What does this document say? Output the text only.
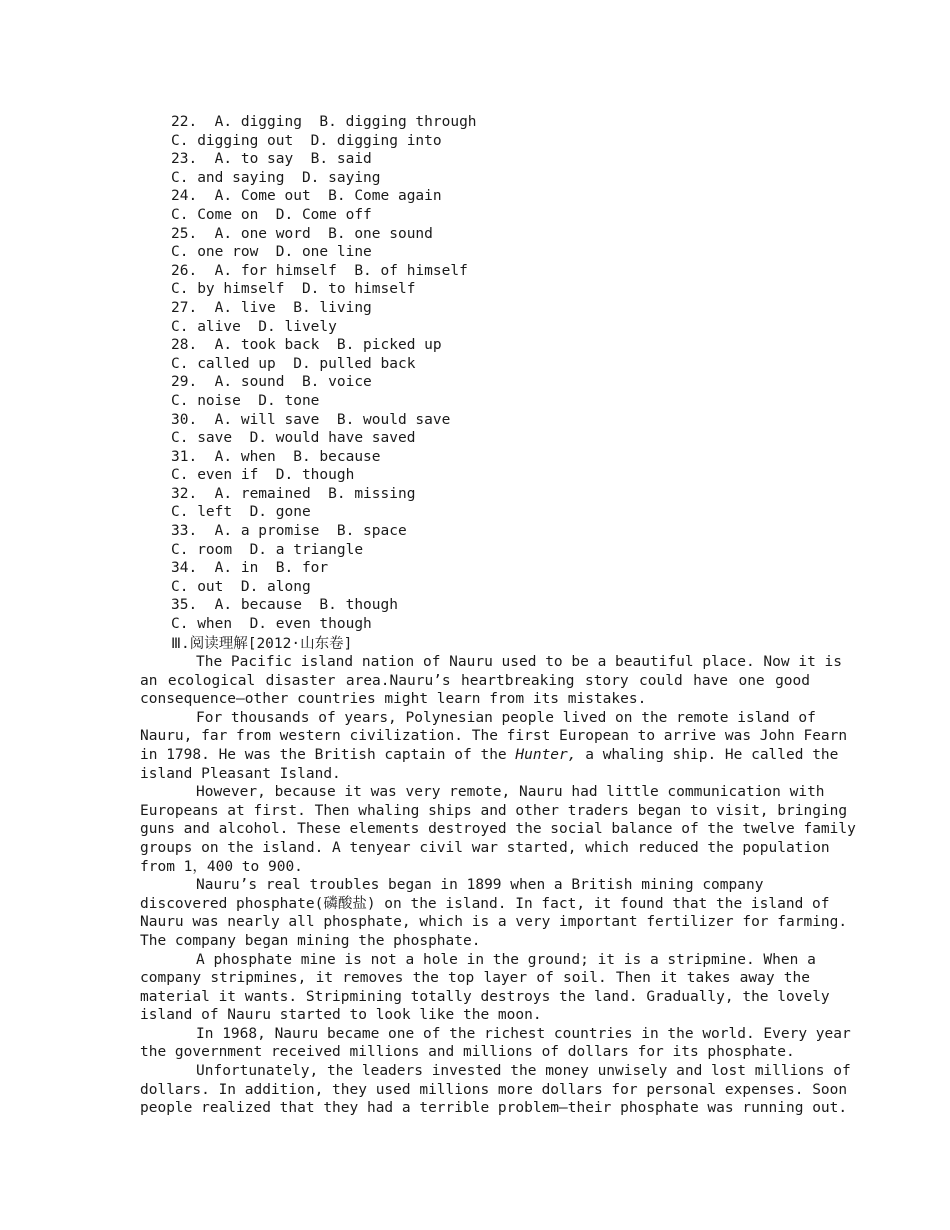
22.  A. digging  B. digging through
C. digging out  D. digging into
23.  A. to say  B. said
C. and saying  D. saying
24.  A. Come out  B. Come again
C. Come on  D. Come off
25.  A. one word  B. one sound
C. one row  D. one line
26.  A. for himself  B. of himself
C. by himself  D. to himself
27.  A. live  B. living
C. alive  D. lively
28.  A. took back  B. picked up
C. called up  D. pulled back
29.  A. sound  B. voice
C. noise  D. tone
30.  A. will save  B. would save
C. save  D. would have saved
31.  A. when  B. because
C. even if  D. though
32.  A. remained  B. missing
C. left  D. gone
33.  A. a promise  B. space
C. room  D. a triangle
34.  A. in  B. for
C. out  D. along
35.  A. because  B. though
C. when  D. even though
Ⅲ.阅读理解[2012·山东卷]
The Pacific island nation of Nauru used to be a beautiful place. Now it is
an ecological disaster area.Nauru’s heartbreaking story could have one good
consequence—other countries might learn from its mistakes.
For thousands of years, Polynesian people lived on the remote island of
Nauru, far from western civilization. The first European to arrive was John Fearn
in 1798. He was the British captain of the Hunter, a whaling ship. He called the
island Pleasant Island.
However, because it was very remote, Nauru had little communication with
Europeans at first. Then whaling ships and other traders began to visit, bringing
guns and alcohol. These elements destroyed the social balance of the twelve family
groups on the island. A tenyear civil war started, which reduced the population
from 1，400 to 900.
Nauru’s real troubles began in 1899 when a British mining company
discovered phosphate(磷酸盐) on the island. In fact, it found that the island of
Nauru was nearly all phosphate, which is a very important fertilizer for farming.
The company began mining the phosphate.
A phosphate mine is not a hole in the ground; it is a stripmine. When a
company stripmines, it removes the top layer of soil. Then it takes away the
material it wants. Stripmining totally destroys the land. Gradually, the lovely
island of Nauru started to look like the moon.
In 1968, Nauru became one of the richest countries in the world. Every year
the government received millions and millions of dollars for its phosphate.
Unfortunately, the leaders invested the money unwisely and lost millions of
dollars. In addition, they used millions more dollars for personal expenses. Soon
people realized that they had a terrible problem—their phosphate was running out.
